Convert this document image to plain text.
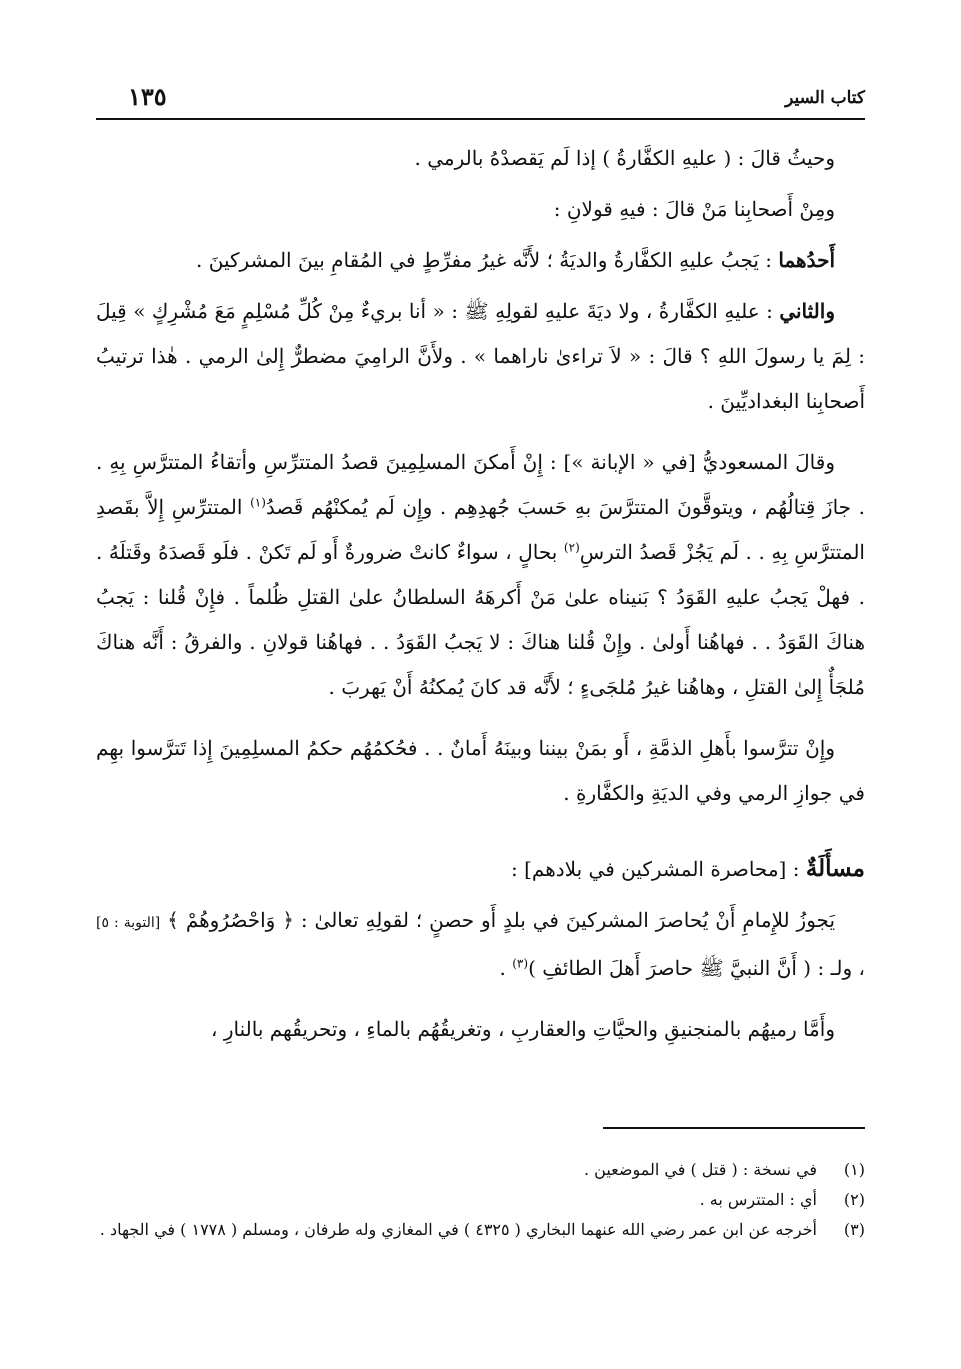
كتاب السير
١٣٥

وحيثُ قالَ : ( عليهِ الكفَّارةُ ) إذا لَم يَقصدْهُ بالرمي .

ومِنْ أَصحابِنا مَنْ قالَ : فيهِ قولانِ :

أَحدُهما : يَجبُ عليهِ الكفَّارةُ والديَةُ ؛ لأَنَّه غيرُ مفرِّطٍ في المُقامِ بينَ المشركينَ .

والثاني : عليهِ الكفَّارةُ ، ولا ديَةَ عليهِ لقولِهِ ﷺ : « أنا بريءٌ مِنْ كُلِّ مُسْلِمٍ مَعَ مُشْرِكٍ » قِيلَ : لِمَ يا رسولَ اللهِ ؟ قالَ : « لاَ تراءىٰ ناراهما » . ولأَنَّ الرامِيَ مضطرٌّ إِلىٰ الرمي . هٰذا ترتيبُ أَصحابِنا البغداديِّينَ .

وقالَ المسعوديُّ [في « الإبانة »] : إِنْ أَمكنَ المسلِمِينَ قصدُ المتترِّسِ وأتقاءُ المتترَّسِ بِهِ . . جازَ قِتالُهُم ، ويتوقَّونَ المتترَّسَ بهِ حَسبَ جُهدِهِم . وإِن لَم يُمكنْهُم قَصدُ$^{(١)}$ المتترِّسِ إِلاَّ بقَصدِ المتترَّسِ بِهِ . . لَم يَجُزْ قَصدُ الترسِ$^{(٢)}$ بحالٍ ، سواءٌ كانتْ ضرورةٌ أَو لَم تَكنْ . فلَو قَصدَهُ وقَتلَهُ . . فهلْ يَجبُ عليهِ القَوَدُ ؟ بَنيناه علىٰ مَنْ أَكرهَهُ السلطانُ علىٰ القتلِ ظُلماً . فإِنْ قُلنا : يَجبُ هناكَ القَوَدُ . . فهاهُنا أَولىٰ . وإِنْ قُلنا هناكَ : لا يَجبُ القَوَدُ . . فهاهُنا قولانِ . والفرقُ : أَنَّه هناكَ مُلجَأٌ إِلىٰ القتلِ ، وهاهُنا غيرُ مُلجَىءٍ ؛ لأَنَّه قد كانَ يُمكنُهُ أَنْ يَهربَ .

وإِنْ تترَّسوا بأَهلِ الذمَّةِ ، أَو بمَنْ بيننا وبينَهُ أَمانٌ . . فحُكمُهُم حكمُ المسلِمِينَ إِذا تَترَّسوا بهِم في جوازِ الرمي وفي الديَةِ والكفَّارةِ .

مسأَلَةٌ : [محاصرة المشركين في بلادهم] :

يَجوزُ للإِمامِ أَنْ يُحاصرَ المشركينَ في بلدٍ أَو حصنٍ ؛ لقولِهِ تعالىٰ : ﴿ وَاحْصُرُوهُمْ ﴾ [التوبة : ٥] ، ولـ : ( أَنَّ النبيَّ ﷺ حاصرَ أَهلَ الطائفِ )$^{(٣)}$ .

وأَمَّا رميهُم بالمنجنيقِ والحيَّاتِ والعقاربِ ، وتغريقُهُم بالماءِ ، وتحريقُهم بالنارِ ،

(١)
في نسخة : ( قتل ) في الموضعين .
(٢)
أي : المتترس به .
(٣)
أخرجه عن ابن عمر رضي الله عنهما البخاري ( ٤٣٢٥ ) في المغازي وله طرفان ، ومسلم ( ١٧٧٨ ) في الجهاد .
